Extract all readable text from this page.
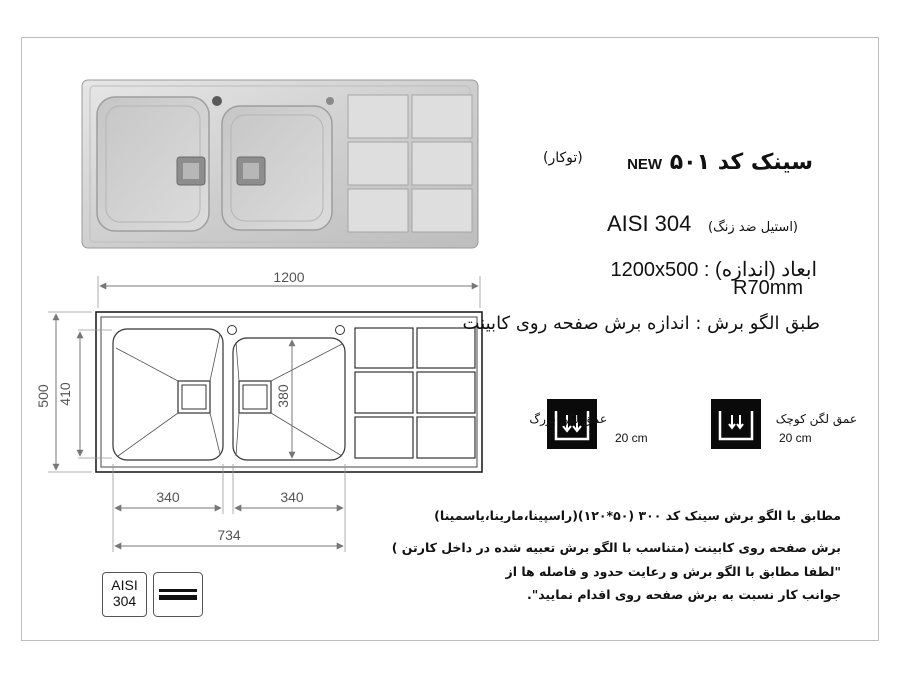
1200
500 410	380
340	340
734
سینک کد NEW ۵۰۱
(توکار)
(استیل ضد زنگ)
AISI 304
1200x500 : ابعاد (اندازه)
R70mm
طبق الگو برش : اندازه برش صفحه روی کابینت
عمق لگن بزرگ
20 cm
عمق لگن کوچک
20 cm
مطابق با الگو برش سینک کد ۳۰۰ (۵۰*۱۲۰)(راسپینا،مارینا،یاسمینا)
برش صفحه روی کابینت (متناسب با الگو برش تعبیه شده در داخل کارتن )
"لطفا مطابق با الگو برش و رعایت حدود و فاصله ها از
جوانب کار نسبت به برش صفحه روی اقدام نمایید".
AISI
304
